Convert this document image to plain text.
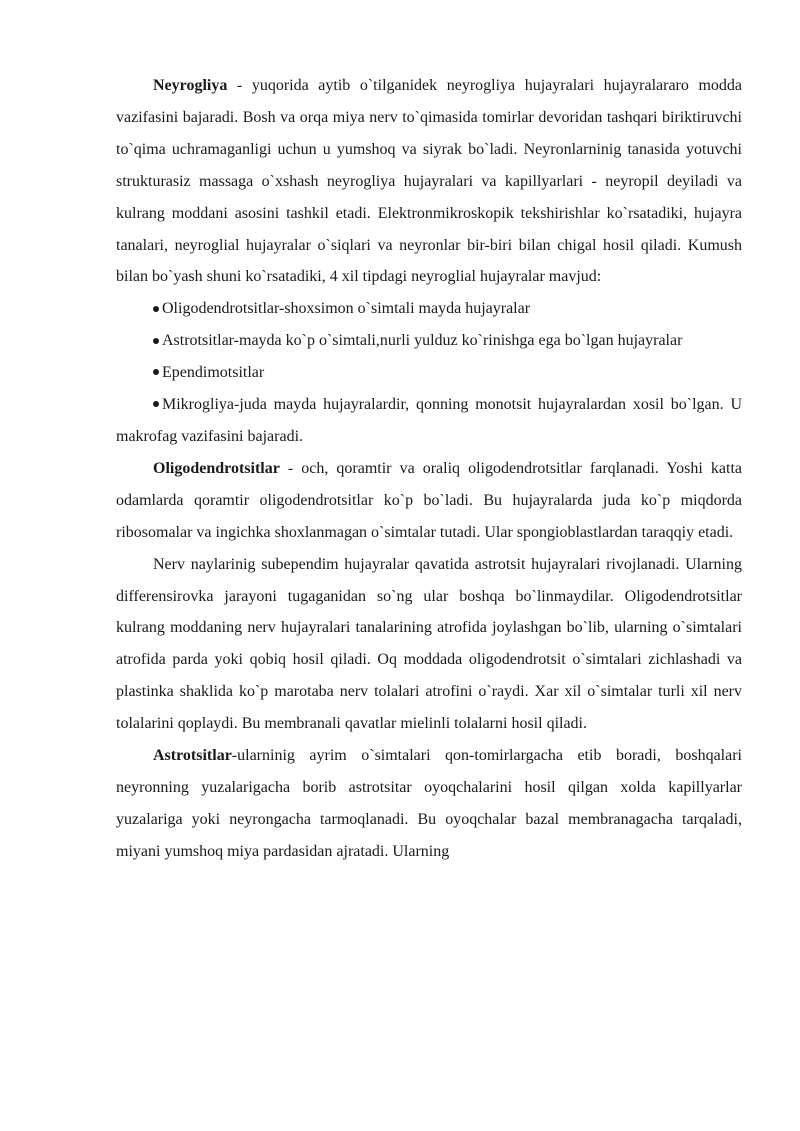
Neyrogliya - yuqorida aytib o`tilganidek neyrogliya hujayralari hujayralararo modda vazifasini bajaradi. Bosh va orqa miya nerv to`qimasida tomirlar devoridan tashqari biriktiruvchi to`qima uchramaganligi uchun u yumshoq va siyrak bo`ladi. Neyronlarninig tanasida yotuvchi strukturasiz massaga o`xshash neyrogliya hujayralari va kapillyarlari - neyropil deyiladi va kulrang moddani asosini tashkil etadi. Elektronmikroskopik tekshirishlar ko`rsatadiki, hujayra tanalari, neyroglial hujayralar o`siqlari va neyronlar bir-biri bilan chigal hosil qiladi. Kumush bilan bo`yash shuni ko`rsatadiki, 4 xil tipdagi neyroglial hujayralar mavjud:

Oligodendrotsitlar-shoxsimon o`simtali mayda hujayralar

Astrotsitlar-mayda ko`p o`simtali,nurli yulduz ko`rinishga ega bo`lgan hujayralar

Ependimotsitlar

Mikrogliya-juda mayda hujayralardir, qonning monotsit hujayralardan xosil bo`lgan. U makrofag vazifasini bajaradi.

Oligodendrotsitlar - och, qoramtir va oraliq oligodendrotsitlar farqlanadi. Yoshi katta odamlarda qoramtir oligodendrotsitlar ko`p bo`ladi. Bu hujayralarda juda ko`p miqdorda ribosomalar va ingichka shoxlanmagan o`simtalar tutadi. Ular spongioblastlardan taraqqiy etadi.

Nerv naylarinig subependim hujayralar qavatida astrotsit hujayralari rivojlanadi. Ularning differensirovka jarayoni tugaganidan so`ng ular boshqa bo`linmaydilar. Oligodendrotsitlar kulrang moddaning nerv hujayralari tanalarining atrofida joylashgan bo`lib, ularning o`simtalari atrofida parda yoki qobiq hosil qiladi. Oq moddada oligodendrotsit o`simtalari zichlashadi va plastinka shaklida ko`p marotaba nerv tolalari atrofini o`raydi. Xar xil o`simtalar turli xil nerv tolalarini qoplaydi. Bu membranali qavatlar mielinli tolalarni hosil qiladi.

Astrotsitlar-ularninig ayrim o`simtalari qon-tomirlargacha etib boradi, boshqalari neyronning yuzalarigacha borib astrotsitar oyoqchalarini hosil qilgan xolda kapillyarlar yuzalariga yoki neyrongacha tarmoqlanadi. Bu oyoqchalar bazal membranagacha tarqaladi, miyani yumshoq miya pardasidan ajratadi. Ularning
